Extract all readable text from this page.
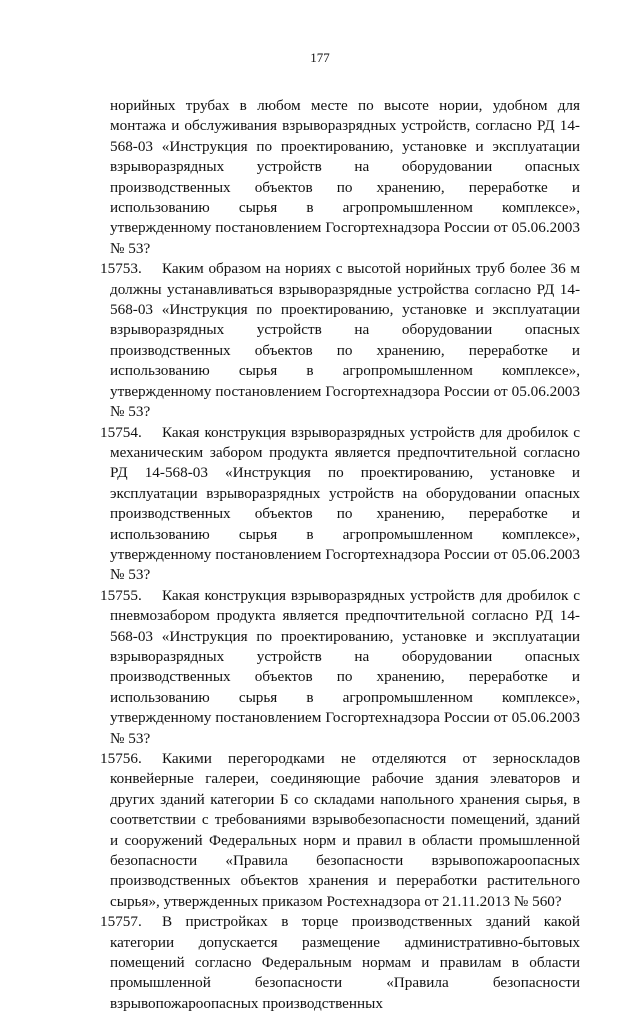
177

норийных трубах в любом месте по высоте нории, удобном для монтажа и обслуживания взрыворазрядных устройств, согласно РД 14-568-03 «Инструкция по проектированию, установке и эксплуатации взрыворазрядных устройств на оборудовании опасных производственных объектов по хранению, переработке и использованию сырья в агропромышленном комплексе», утвержденному постановлением Госгортехнадзора России от 05.06.2003 № 53?

15753.	Каким образом на нориях с высотой норийных труб более 36 м должны устанавливаться взрыворазрядные устройства согласно РД 14-568-03 «Инструкция по проектированию, установке и эксплуатации взрыворазрядных устройств на оборудовании опасных производственных объектов по хранению, переработке и использованию сырья в агропромышленном комплексе», утвержденному постановлением Госгортехнадзора России от 05.06.2003 № 53?

15754.	Какая конструкция взрыворазрядных устройств для дробилок с механическим забором продукта является предпочтительной согласно РД 14-568-03 «Инструкция по проектированию, установке и эксплуатации взрыворазрядных устройств на оборудовании опасных производственных объектов по хранению, переработке и использованию сырья в агропромышленном комплексе», утвержденному постановлением Госгортехнадзора России от 05.06.2003 № 53?

15755.	Какая конструкция взрыворазрядных устройств для дробилок с пневмозабором продукта является предпочтительной согласно РД 14-568-03 «Инструкция по проектированию, установке и эксплуатации взрыворазрядных устройств на оборудовании опасных производственных объектов по хранению, переработке и использованию сырья в агропромышленном комплексе», утвержденному постановлением Госгортехнадзора России от 05.06.2003 № 53?

15756.	Какими перегородками не отделяются от зерноскладов конвейерные галереи, соединяющие рабочие здания элеваторов и других зданий категории Б со складами напольного хранения сырья, в соответствии с требованиями взрывобезопасности помещений, зданий и сооружений Федеральных норм и правил в области промышленной безопасности «Правила безопасности взрывопожароопасных производственных объектов хранения и переработки растительного сырья», утвержденных приказом Ростехнадзора от 21.11.2013 № 560?

15757.	В пристройках в торце производственных зданий какой категории допускается размещение административно-бытовых помещений согласно Федеральным нормам и правилам в области промышленной безопасности «Правила безопасности взрывопожароопасных производственных
